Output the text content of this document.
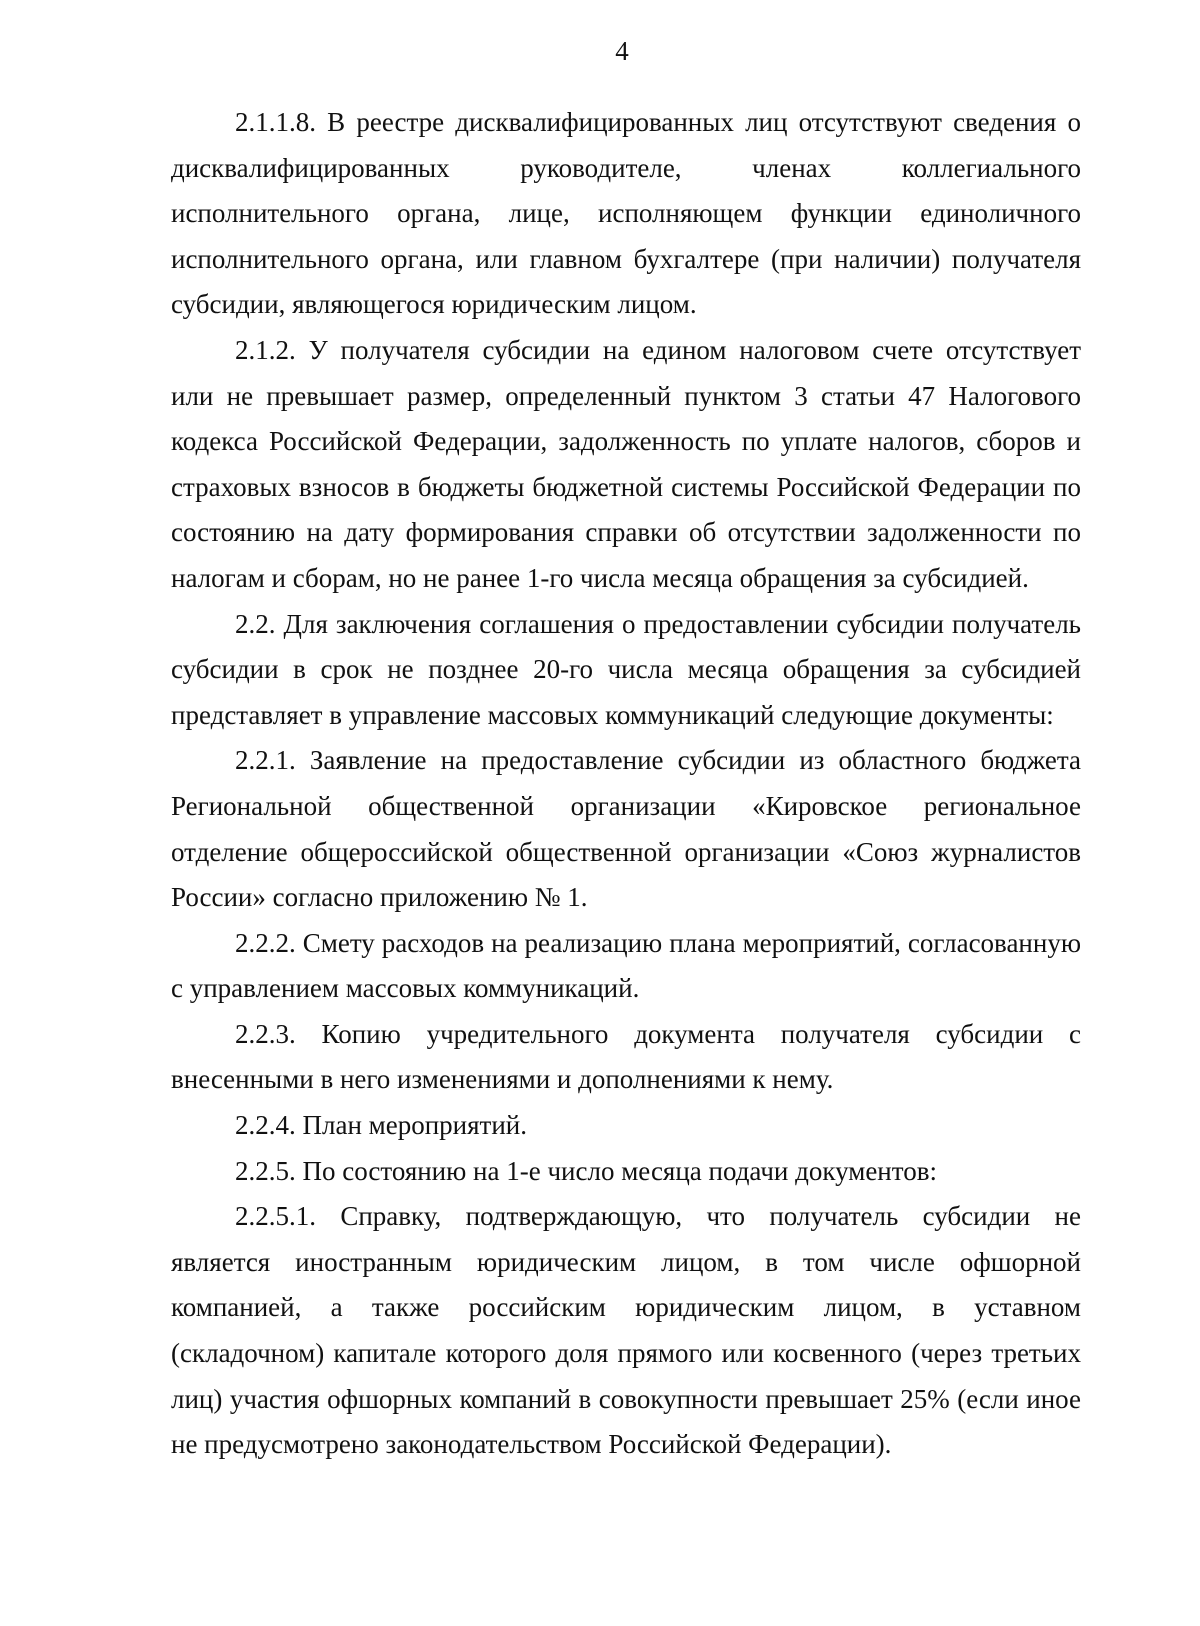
4

2.1.1.8. В реестре дисквалифицированных лиц отсутствуют сведения о дисквалифицированных руководителе, членах коллегиального исполнительного органа, лице, исполняющем функции единоличного исполнительного органа, или главном бухгалтере (при наличии) получателя субсидии, являющегося юридическим лицом.

2.1.2. У получателя субсидии на едином налоговом счете отсутствует или не превышает размер, определенный пунктом 3 статьи 47 Налогового кодекса Российской Федерации, задолженность по уплате налогов, сборов и страховых взносов в бюджеты бюджетной системы Российской Федерации по состоянию на дату формирования справки об отсутствии задолженности по налогам и сборам, но не ранее 1-го числа месяца обращения за субсидией.

2.2. Для заключения соглашения о предоставлении субсидии получатель субсидии в срок не позднее 20-го числа месяца обращения за субсидией представляет в управление массовых коммуникаций следующие документы:

2.2.1. Заявление на предоставление субсидии из областного бюджета Региональной общественной организации «Кировское региональное отделение общероссийской общественной организации «Союз журналистов России» согласно приложению № 1.

2.2.2. Смету расходов на реализацию плана мероприятий, согласованную с управлением массовых коммуникаций.

2.2.3. Копию учредительного документа получателя субсидии с внесенными в него изменениями и дополнениями к нему.

2.2.4. План мероприятий.

2.2.5. По состоянию на 1-е число месяца подачи документов:

2.2.5.1. Справку, подтверждающую, что получатель субсидии не является иностранным юридическим лицом, в том числе офшорной компанией, а также российским юридическим лицом, в уставном (складочном) капитале которого доля прямого или косвенного (через третьих лиц) участия офшорных компаний в совокупности превышает 25% (если иное не предусмотрено законодательством Российской Федерации).
